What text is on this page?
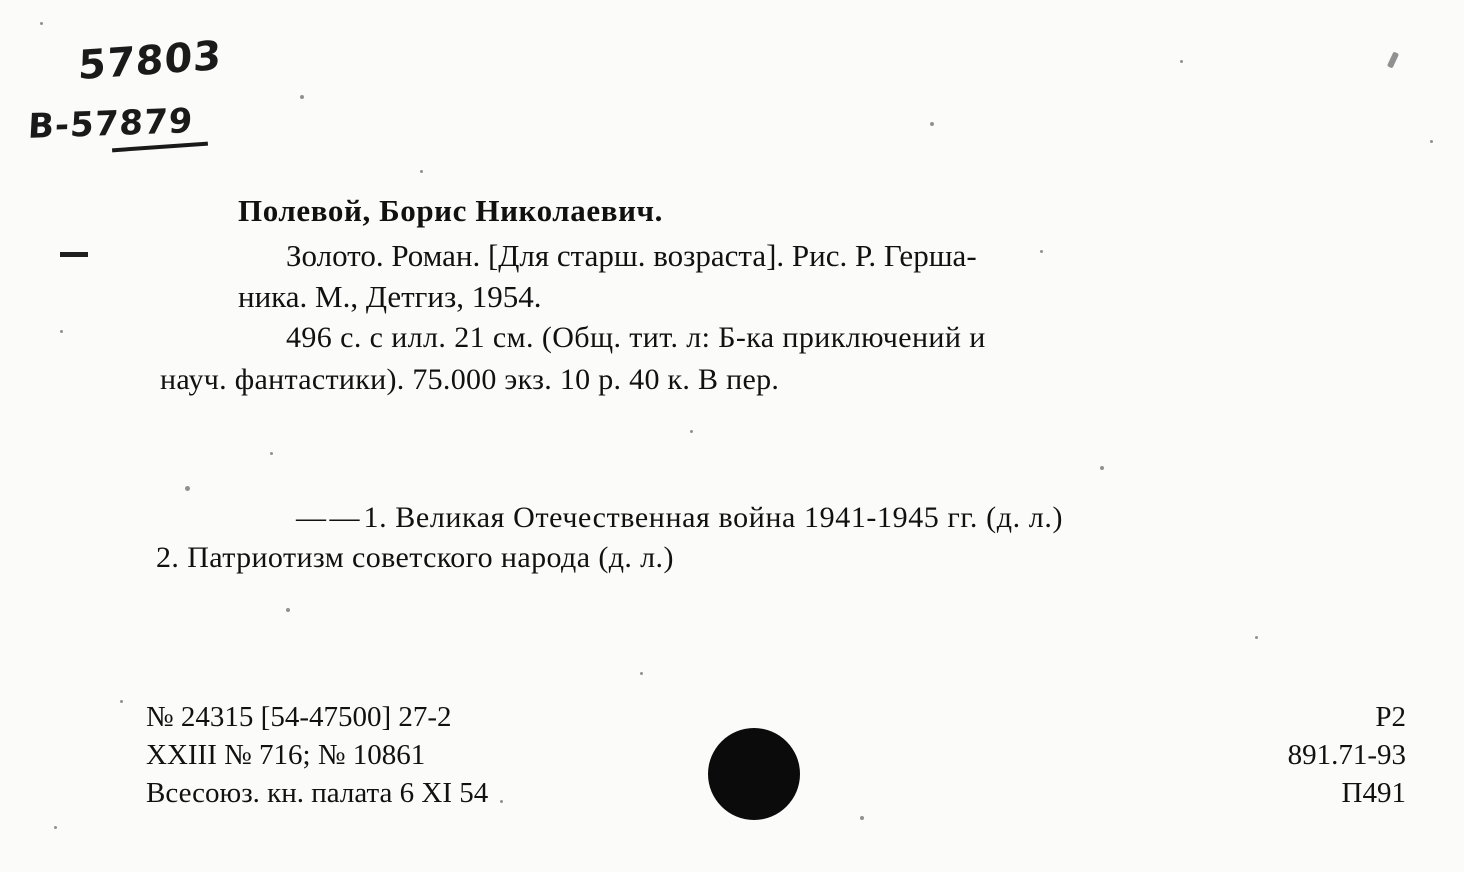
57803
В-57879
Полевой, Борис Николаевич.
Золото. Роман. [Для старш. возраста]. Рис. Р. Герша-
ника. М., Детгиз, 1954.
496 с. с илл. 21 см. (Общ. тит. л: Б-ка приключений и
науч. фантастики). 75.000 экз. 10 р. 40 к. В пер.
— — 1. Великая Отечественная война 1941-1945 гг. (д. л.)
2. Патриотизм советского народа (д. л.)
№ 24315 [54-47500] 27-2
XXIII № 716; № 10861
Всесоюз. кн. палата 6 XI 54
Р2
891.71-93
П491
